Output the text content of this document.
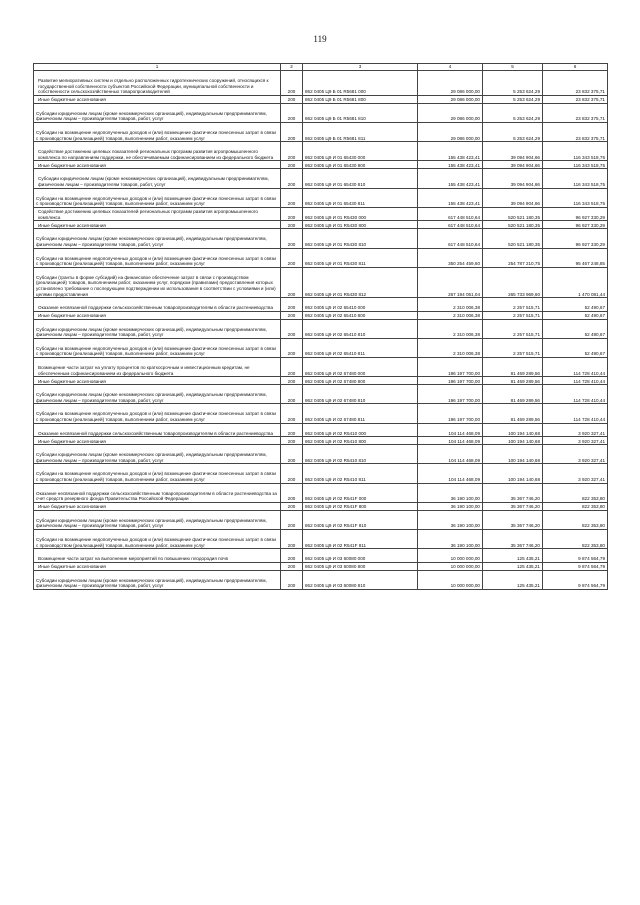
119
1	2	3	4	5	6
Развитие мелиоративных систем и отдельно расположенных гидротехнических сооружений, относящихся к государственной собственности субъектов Российской Федерации, муниципальной собственности и собственности сельскохозяйственных товаропроизводителей	200	862 0405 Ц9 Б 01 R5681 000	29 086 000,00	5 253 624,29	23 832 375,71
Иные бюджетные ассигнования	200	862 0405 Ц9 Б 01 R5681 800	29 086 000,00	5 253 624,29	23 832 375,71
Субсидии юридическим лицам (кроме некоммерческих организаций), индивидуальным предпринимателям, физическим лицам – производителям товаров, работ, услуг	200	862 0405 Ц9 Б 01 R5681 810	29 086 000,00	5 253 624,29	23 832 375,71
Субсидии на возмещение недополученных доходов и (или) возмещение фактически понесенных затрат в связи с производством (реализацией) товаров, выполнением работ, оказанием услуг	200	862 0405 Ц9 Б 01 R5681 811	29 086 000,00	5 253 624,29	23 832 375,71
Содействие достижению целевых показателей региональных программ развития агропромышленного комплекса по направлениям поддержки, не обеспечиваемым софинансированием из федерального бюджета	200	862 0405 Ц9 И 01 65430 000	155 438 423,41	39 094 904,66	116 343 518,75
Иные бюджетные ассигнования	200	862 0405 Ц9 И 01 65430 800	155 438 423,41	39 094 904,66	116 343 518,75
Субсидии юридическим лицам (кроме некоммерческих организаций), индивидуальным предпринимателям, физическим лицам – производителям товаров, работ, услуг	200	862 0405 Ц9 И 01 65430 810	155 438 423,41	39 094 904,66	116 343 518,75
Субсидии на возмещение недополученных доходов и (или) возмещение фактически понесенных затрат в связи с производством (реализацией) товаров, выполнением работ, оказанием услуг	200	862 0405 Ц9 И 01 65430 811	155 438 423,41	39 094 904,66	116 343 518,75
Содействие достижению целевых показателей региональных программ развития агропромышленного комплекса	200	862 0405 Ц9 И 01 R5430 000	617 448 510,64	520 521 180,35	96 927 330,29
Иные бюджетные ассигнования	200	862 0405 Ц9 И 01 R5430 800	617 448 510,64	520 521 180,35	96 927 330,29
Субсидии юридическим лицам (кроме некоммерческих организаций), индивидуальным предпринимателям, физическим лицам – производителям товаров, работ, услуг	200	862 0405 Ц9 И 01 R5430 810	617 448 510,64	520 521 180,35	96 927 330,29
Субсидии на возмещение недополученных доходов и (или) возмещение фактически понесенных затрат в связи с производством (реализацией) товаров, выполнением работ, оказанием услуг	200	862 0405 Ц9 И 01 R5430 811	350 254 459,60	254 787 210,75	95 467 248,85
Субсидии (гранты в форме субсидий) на финансовое обеспечение затрат в связи с производством (реализацией) товаров, выполнением работ, оказанием услуг, порядком (правилами) предоставления которых установлено требование о последующем подтверждении их использования в соответствии с условиями и (или) целями предоставления	200	862 0405 Ц9 И 01 R5430 812	267 194 051,04	265 733 969,60	1 470 081,44
Оказание несвязанной поддержки сельскохозяйственным товаропроизводителям в области растениеводства	200	862 0405 Ц9 И 02 65410 000	2 310 006,38	2 257 515,71	52 490,67
Иные бюджетные ассигнования	200	862 0405 Ц9 И 02 65410 800	2 310 006,38	2 257 515,71	52 490,67
Субсидии юридическим лицам (кроме некоммерческих организаций), индивидуальным предпринимателям, физическим лицам – производителям товаров, работ, услуг	200	862 0405 Ц9 И 02 65410 810	2 310 006,38	2 257 515,71	52 490,67
Субсидии на возмещение недополученных доходов и (или) возмещение фактически понесенных затрат в связи с производством (реализацией) товаров, выполнением работ, оказанием услуг	200	862 0405 Ц9 И 02 65410 811	2 310 006,38	2 257 515,71	52 490,67
Возмещение части затрат на уплату процентов по краткосрочным и инвестиционным кредитам, не обеспеченным софинансированием из федерального бюджета	200	862 0405 Ц9 И 02 67480 000	196 197 700,00	81 469 289,56	114 728 410,44
Иные бюджетные ассигнования	200	862 0405 Ц9 И 02 67480 800	196 197 700,00	81 469 289,56	114 728 410,44
Субсидии юридическим лицам (кроме некоммерческих организаций), индивидуальным предпринимателям, физическим лицам – производителям товаров, работ, услуг	200	862 0405 Ц9 И 02 67480 810	196 197 700,00	81 469 289,56	114 728 410,44
Субсидии на возмещение недополученных доходов и (или) возмещение фактически понесенных затрат в связи с производством (реализацией) товаров, выполнением работ, оказанием услуг	200	862 0405 Ц9 И 02 67480 811	196 197 700,00	81 469 289,56	114 728 410,44
Оказание несвязанной поддержки сельскохозяйственным товаропроизводителям в области растениеводства	200	862 0405 Ц9 И 02 R5410 000	104 114 468,09	100 194 140,68	3 920 327,41
Иные бюджетные ассигнования	200	862 0405 Ц9 И 02 R5410 800	104 114 468,09	100 194 140,68	3 920 327,41
Субсидии юридическим лицам (кроме некоммерческих организаций), индивидуальным предпринимателям, физическим лицам – производителям товаров, работ, услуг	200	862 0405 Ц9 И 02 R5410 810	104 114 468,09	100 194 140,68	3 920 327,41
Субсидии на возмещение недополученных доходов и (или) возмещение фактически понесенных затрат в связи с производством (реализацией) товаров, выполнением работ, оказанием услуг	200	862 0405 Ц9 И 02 R5410 811	104 114 468,09	100 194 140,68	3 920 327,41
Оказание несвязанной поддержки сельскохозяйственным товаропроизводителям в области растениеводства за счет средств резервного фонда Правительства Российской Федерации	200	862 0405 Ц9 И 02 R541F 000	36 190 100,00	35 367 746,20	822 353,80
Иные бюджетные ассигнования	200	862 0405 Ц9 И 02 R541F 800	36 190 100,00	35 367 746,20	822 353,80
Субсидии юридическим лицам (кроме некоммерческих организаций), индивидуальным предпринимателям, физическим лицам – производителям товаров, работ, услуг	200	862 0405 Ц9 И 02 R541F 810	36 190 100,00	35 367 746,20	822 353,80
Субсидии на возмещение недополученных доходов и (или) возмещение фактически понесенных затрат в связи с производством (реализацией) товаров, выполнением работ, оказанием услуг	200	862 0405 Ц9 И 02 R541F 811	36 190 100,00	35 367 746,20	822 353,80
Возмещение части затрат на выполнение мероприятий по повышению плодородия почв	200	862 0405 Ц9 И 03 60080 000	10 000 000,00	125 435,21	9 874 564,79
Иные бюджетные ассигнования	200	862 0405 Ц9 И 03 60080 800	10 000 000,00	125 435,21	9 874 564,79
Субсидии юридическим лицам (кроме некоммерческих организаций), индивидуальным предпринимателям, физическим лицам – производителям товаров, работ, услуг	200	862 0405 Ц9 И 03 60080 810	10 000 000,00	125 435,21	9 874 564,79
